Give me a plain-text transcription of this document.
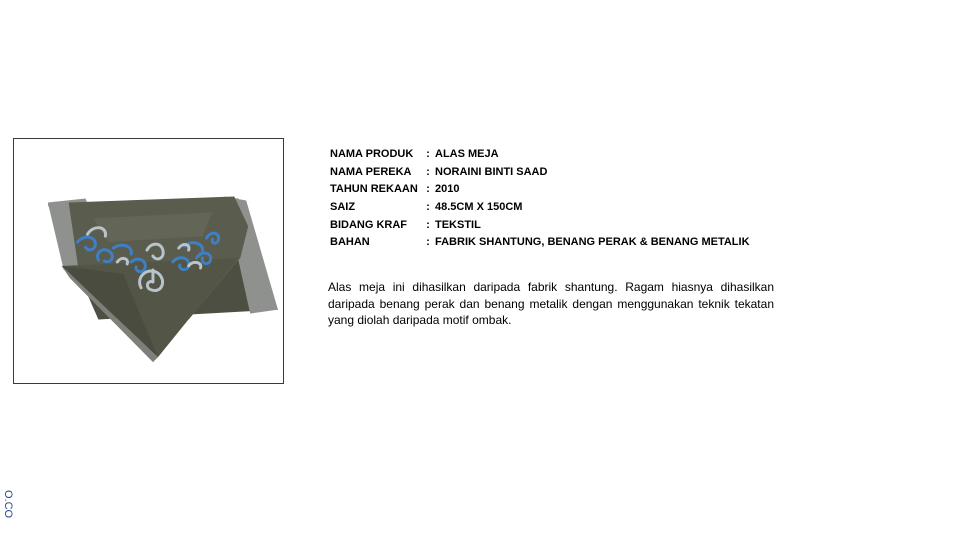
NAMA PRODUK	:	ALAS MEJA
NAMA PEREKA	:	NORAINI BINTI SAAD
TAHUN REKAAN	:	2010
SAIZ	:	48.5CM X 150CM
BIDANG KRAF	:	TEKSTIL
BAHAN	:	FABRIK SHANTUNG, BENANG PERAK & BENANG METALIK

Alas meja ini dihasilkan daripada fabrik shantung. Ragam hiasnya dihasilkan daripada benang perak dan benang metalik dengan menggunakan teknik tekatan yang diolah daripada motif ombak.

O.CO
